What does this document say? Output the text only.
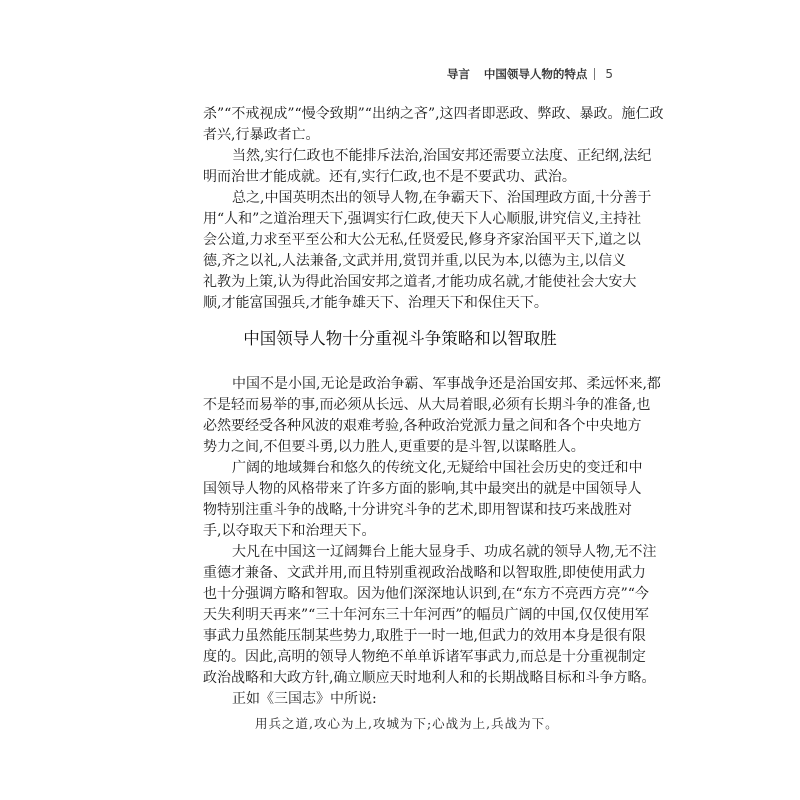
导言 中国领导人物的特点 5
杀”“不戒视成”“慢令致期”“出纳之吝”,这四者即恶政、弊政、暴政。施仁政
者兴,行暴政者亡。
当然,实行仁政也不能排斥法治,治国安邦还需要立法度、正纪纲,法纪
明而治世才能成就。还有,实行仁政,也不是不要武功、武治。
总之,中国英明杰出的领导人物,在争霸天下、治国理政方面,十分善于
用“人和”之道治理天下,强调实行仁政,使天下人心顺服,讲究信义,主持社
会公道,力求至平至公和大公无私,任贤爱民,修身齐家治国平天下,道之以
德,齐之以礼,人法兼备,文武并用,赏罚并重,以民为本,以德为主,以信义
礼教为上策,认为得此治国安邦之道者,才能功成名就,才能使社会大安大
顺,才能富国强兵,才能争雄天下、治理天下和保住天下。
中国领导人物十分重视斗争策略和以智取胜
中国不是小国,无论是政治争霸、军事战争还是治国安邦、柔远怀来,都
不是轻而易举的事,而必须从长远、从大局着眼,必须有长期斗争的准备,也
必然要经受各种风波的艰难考验,各种政治党派力量之间和各个中央地方
势力之间,不但要斗勇,以力胜人,更重要的是斗智,以谋略胜人。
广阔的地域舞台和悠久的传统文化,无疑给中国社会历史的变迁和中
国领导人物的风格带来了许多方面的影响,其中最突出的就是中国领导人
物特别注重斗争的战略,十分讲究斗争的艺术,即用智谋和技巧来战胜对
手,以夺取天下和治理天下。
大凡在中国这一辽阔舞台上能大显身手、功成名就的领导人物,无不注
重德才兼备、文武并用,而且特别重视政治战略和以智取胜,即使使用武力
也十分强调方略和智取。因为他们深深地认识到,在“东方不亮西方亮”“今
天失利明天再来”“三十年河东三十年河西”的幅员广阔的中国,仅仅使用军
事武力虽然能压制某些势力,取胜于一时一地,但武力的效用本身是很有限
度的。因此,高明的领导人物绝不单单诉诸军事武力,而总是十分重视制定
政治战略和大政方针,确立顺应天时地利人和的长期战略目标和斗争方略。
正如《三国志》中所说:
用兵之道,攻心为上,攻城为下;心战为上,兵战为下。
